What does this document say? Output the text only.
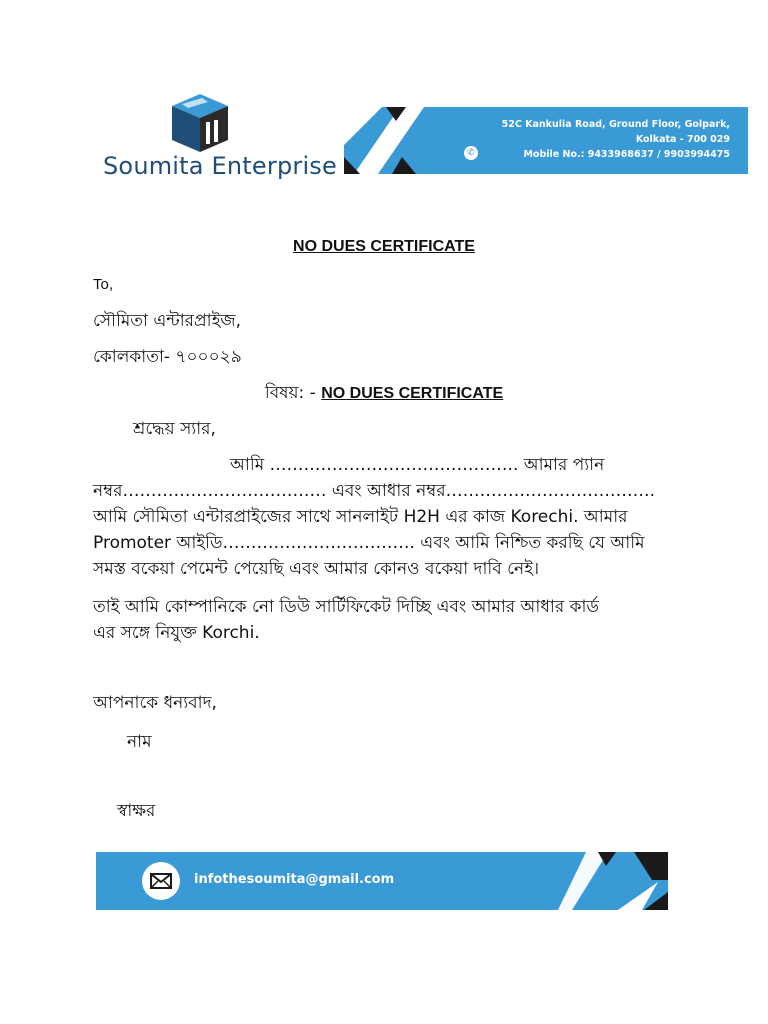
Soumita Enterprise	✆
52C Kankulia Road, Ground Floor, Golpark,
Kolkata - 700 029
Mobile No.: 9433968637 / 9903994475
NO DUES CERTIFICATE
To,
সৌমিতা এন্টারপ্রাইজ,
কোলকাতা- ৭০০০২৯
বিষয়: - NO DUES CERTIFICATE
শ্রদ্ধেয় স্যার,
আমি …………………………………….. আমার প্যান
নম্বর……………………………… এবং আধার নম্বর……………………………….
আমি সৌমিতা এন্টারপ্রাইজের সাথে সানলাইট H2H এর কাজ Korechi. আমার
Promoter আইডি……………………………. এবং আমি নিশ্চিত করছি যে আমি
সমস্ত বকেয়া পেমেন্ট পেয়েছি এবং আমার কোনও বকেয়া দাবি নেই।
তাই আমি কোম্পানিকে নো ডিউ সার্টিফিকেট দিচ্ছি এবং আমার আধার কার্ড
এর সঙ্গে নিযুক্ত Korchi.
আপনাকে ধন্যবাদ,
নাম
স্বাক্ষর
infothesoumita@gmail.com
